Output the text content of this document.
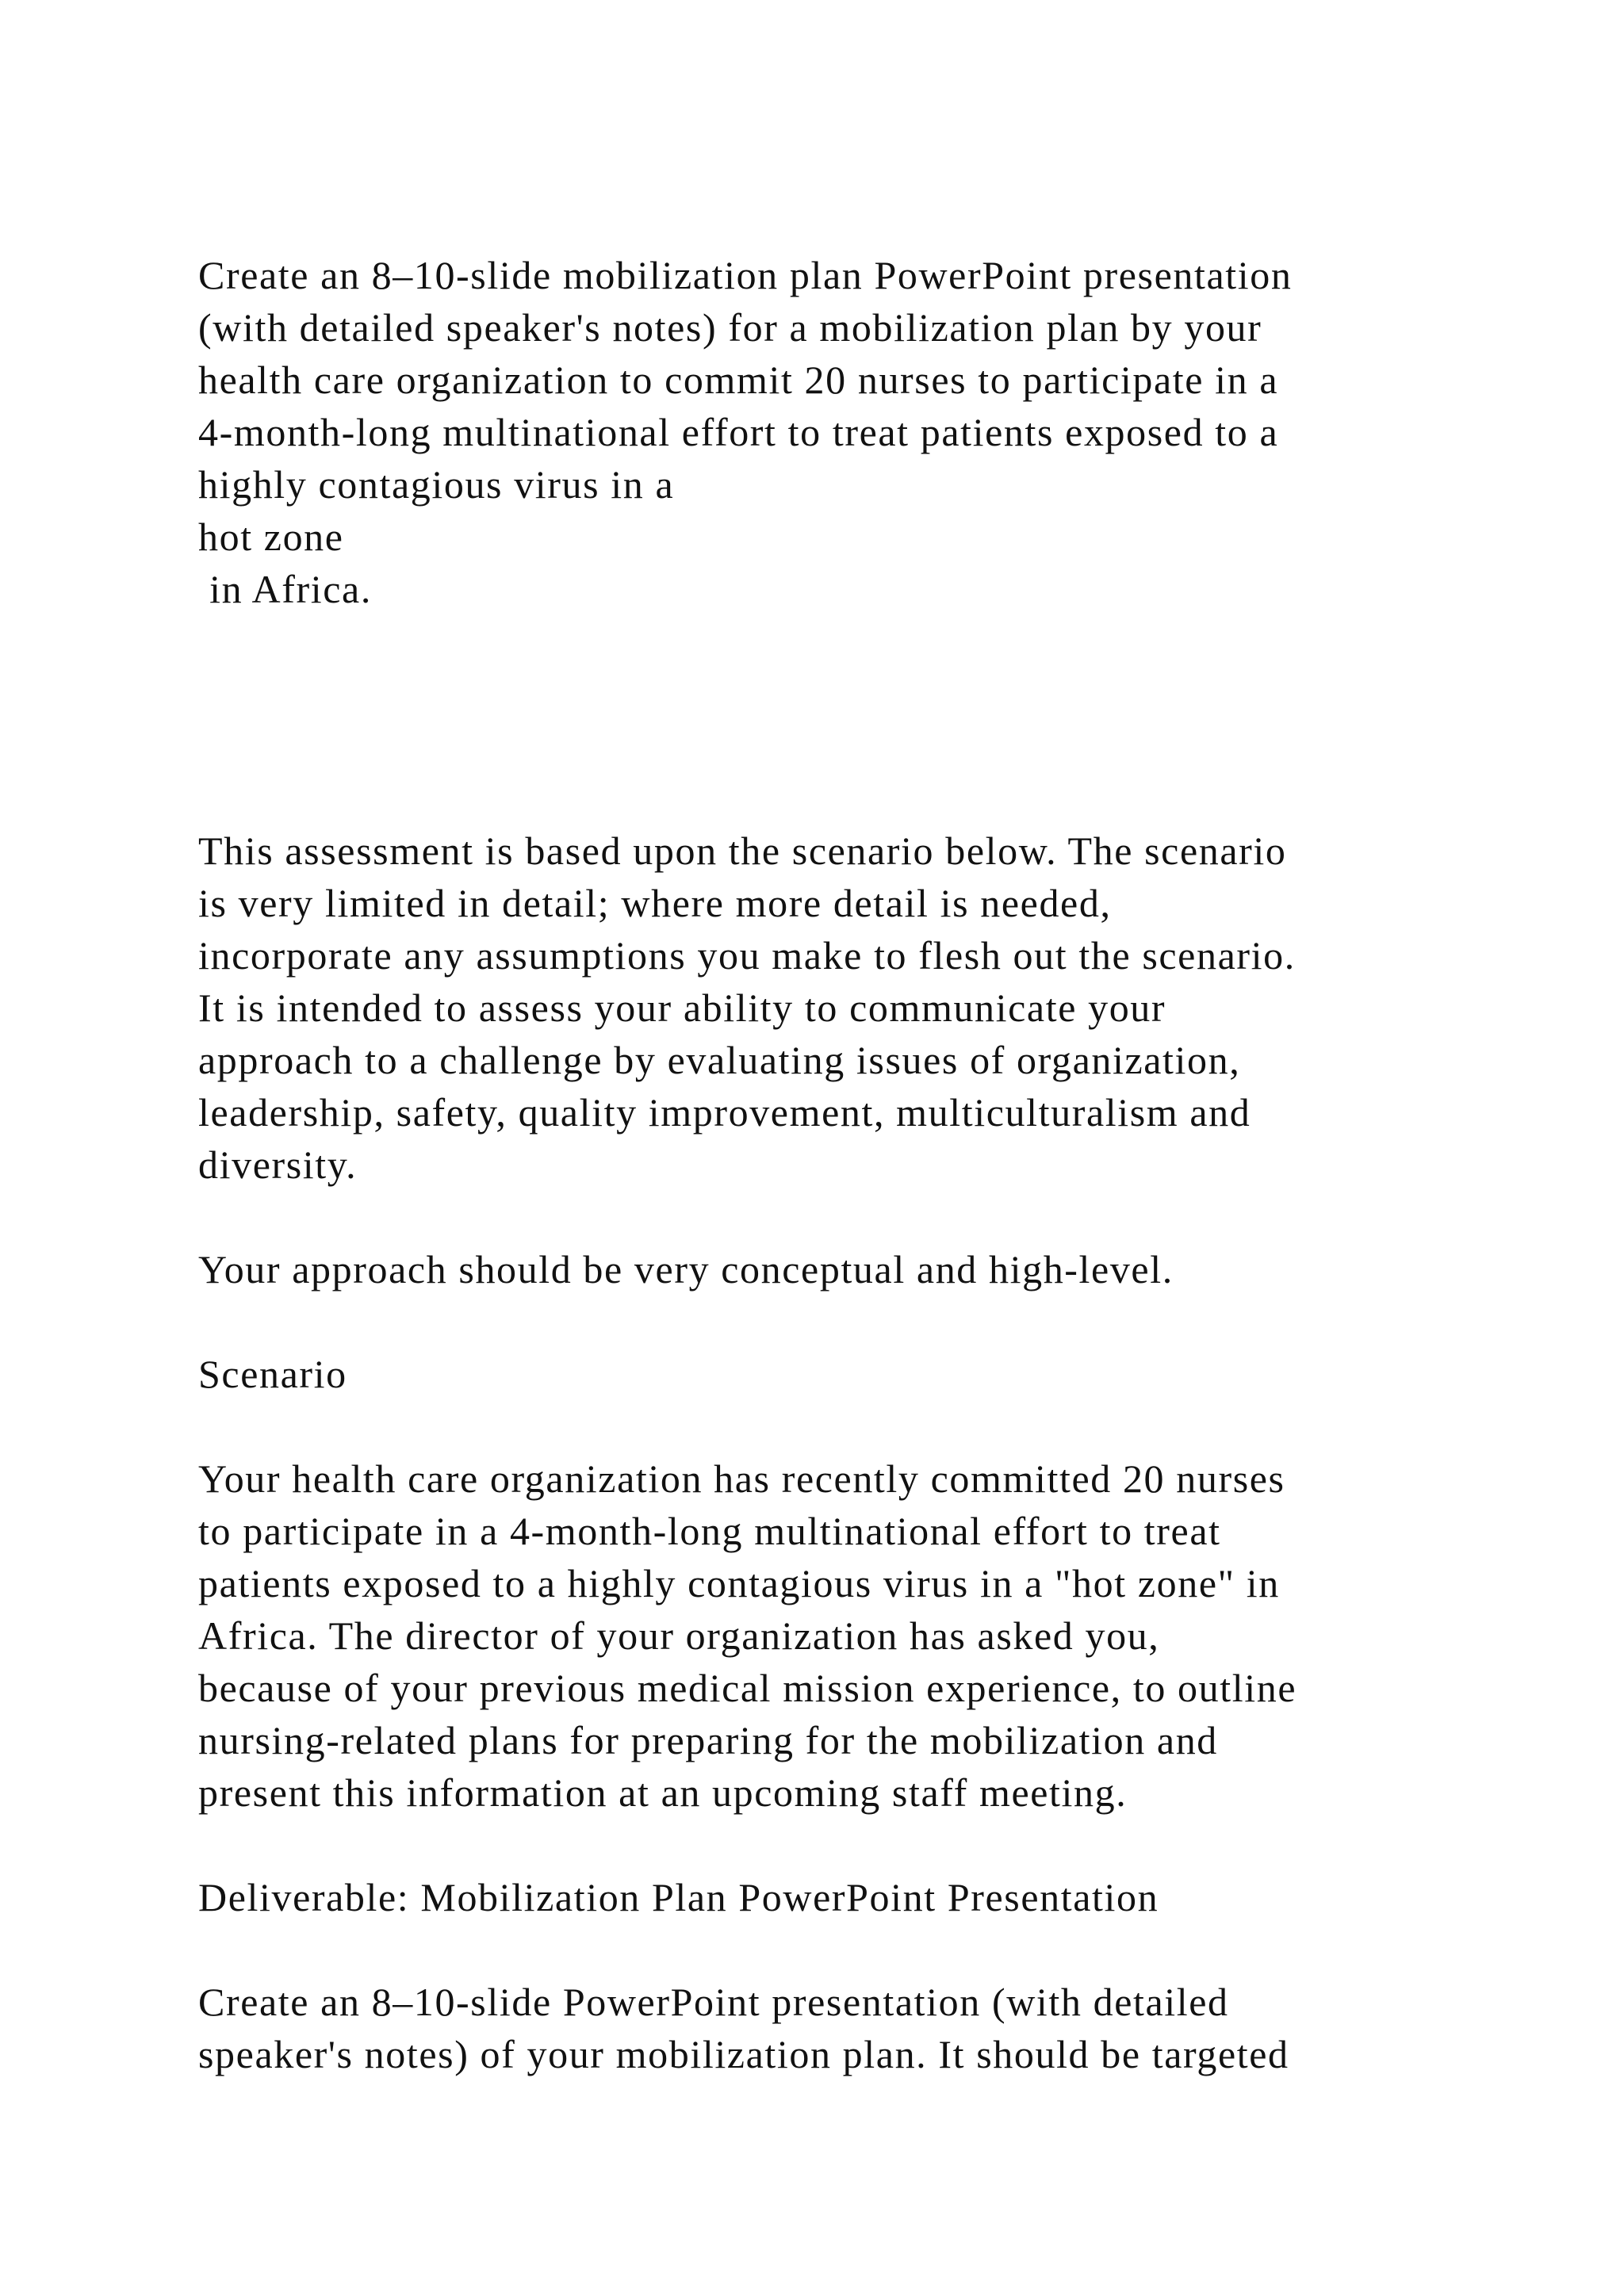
Create an 8–10-slide mobilization plan PowerPoint presentation
(with detailed speaker's notes) for a mobilization plan by your
health care organization to commit 20 nurses to participate in a
4-month-long multinational effort to treat patients exposed to a
highly contagious virus in a
hot zone
in Africa.
This assessment is based upon the scenario below. The scenario
is very limited in detail; where more detail is needed,
incorporate any assumptions you make to flesh out the scenario.
It is intended to assess your ability to communicate your
approach to a challenge by evaluating issues of organization,
leadership, safety, quality improvement, multiculturalism and
diversity.
Your approach should be very conceptual and high-level.
Scenario
Your health care organization has recently committed 20 nurses
to participate in a 4-month-long multinational effort to treat
patients exposed to a highly contagious virus in a "hot zone" in
Africa. The director of your organization has asked you,
because of your previous medical mission experience, to outline
nursing-related plans for preparing for the mobilization and
present this information at an upcoming staff meeting.
Deliverable: Mobilization Plan PowerPoint Presentation
Create an 8–10-slide PowerPoint presentation (with detailed
speaker's notes) of your mobilization plan. It should be targeted
